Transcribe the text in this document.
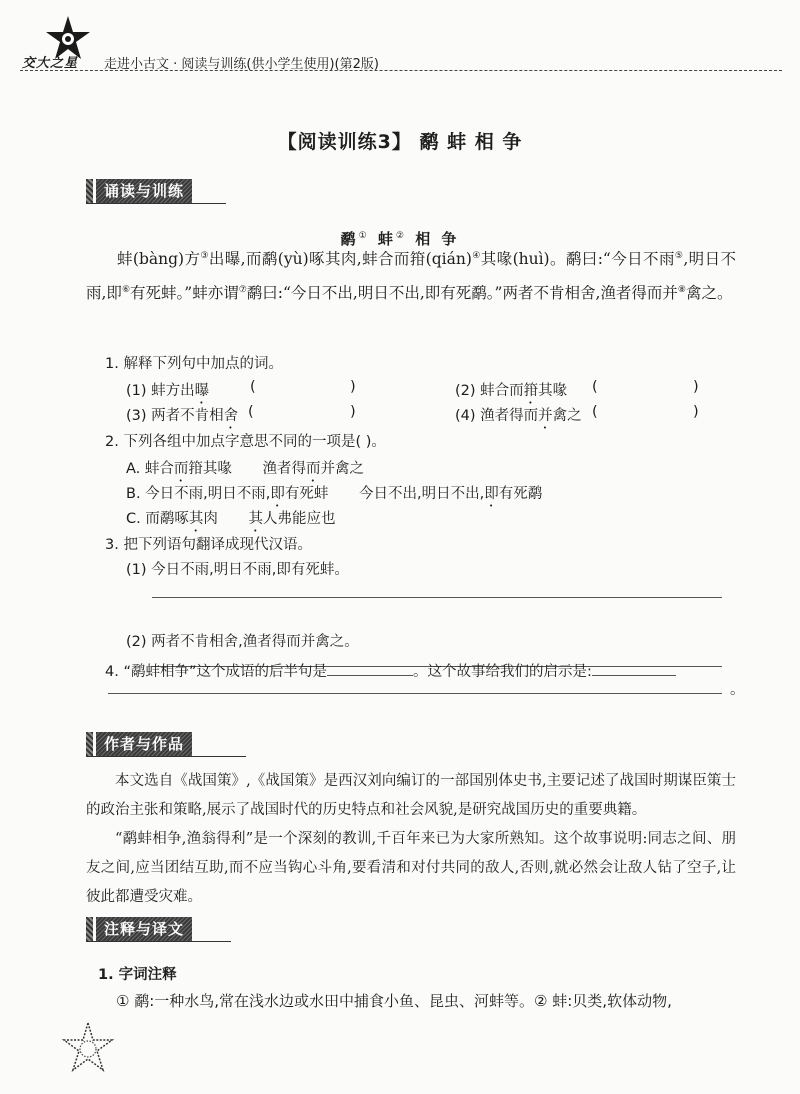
交大之星 走进小古文 · 阅读与训练(供小学生使用)(第2版)
【阅读训练3】 鹬 蚌 相 争
诵读与训练
鹬① 蚌② 相 争
蚌(bàng)方③出曝,而鹬(yù)啄其肉,蚌合而箝(qián)④其喙(huì)。鹬曰:“今日不雨⑤,明日不雨,即⑥有死蚌。”蚌亦谓⑦鹬曰:“今日不出,明日不出,即有死鹬。”两者不肯相舍,渔者得而并⑧禽之。
1. 解释下列句中加点的词。
(1) 蚌方出曝	(	)	(2) 蚌合而箝其喙 (	)
(3) 两者不肯相舍 (	)	(4) 渔者得而并禽之 (	)
2. 下列各组中加点字意思不同的一项是( )。
A. 蚌合而箝其喙 渔者得而并禽之
B. 今日不雨,明日不雨,即有死蚌 今日不出,明日不出,即有死鹬
C. 而鹬啄其肉 其人弗能应也
3. 把下列语句翻译成现代汉语。
(1) 今日不雨,明日不雨,即有死蚌。
(2) 两者不肯相舍,渔者得而并禽之。
4. “鹬蚌相争”这个成语的后半句是	。这个故事给我们的启示是:
。
作者与作品
本文选自《战国策》,《战国策》是西汉刘向编订的一部国别体史书,主要记述了战国时期谋臣策士的政治主张和策略,展示了战国时代的历史特点和社会风貌,是研究战国历史的重要典籍。
“鹬蚌相争,渔翁得利”是一个深刻的教训,千百年来已为大家所熟知。这个故事说明:同志之间、朋友之间,应当团结互助,而不应当钩心斗角,要看清和对付共同的敌人,否则,就必然会让敌人钻了空子,让彼此都遭受灾难。
注释与译文
1. 字词注释
① 鹬:一种水鸟,常在浅水边或水田中捕食小鱼、昆虫、河蚌等。② 蚌:贝类,软体动物,
